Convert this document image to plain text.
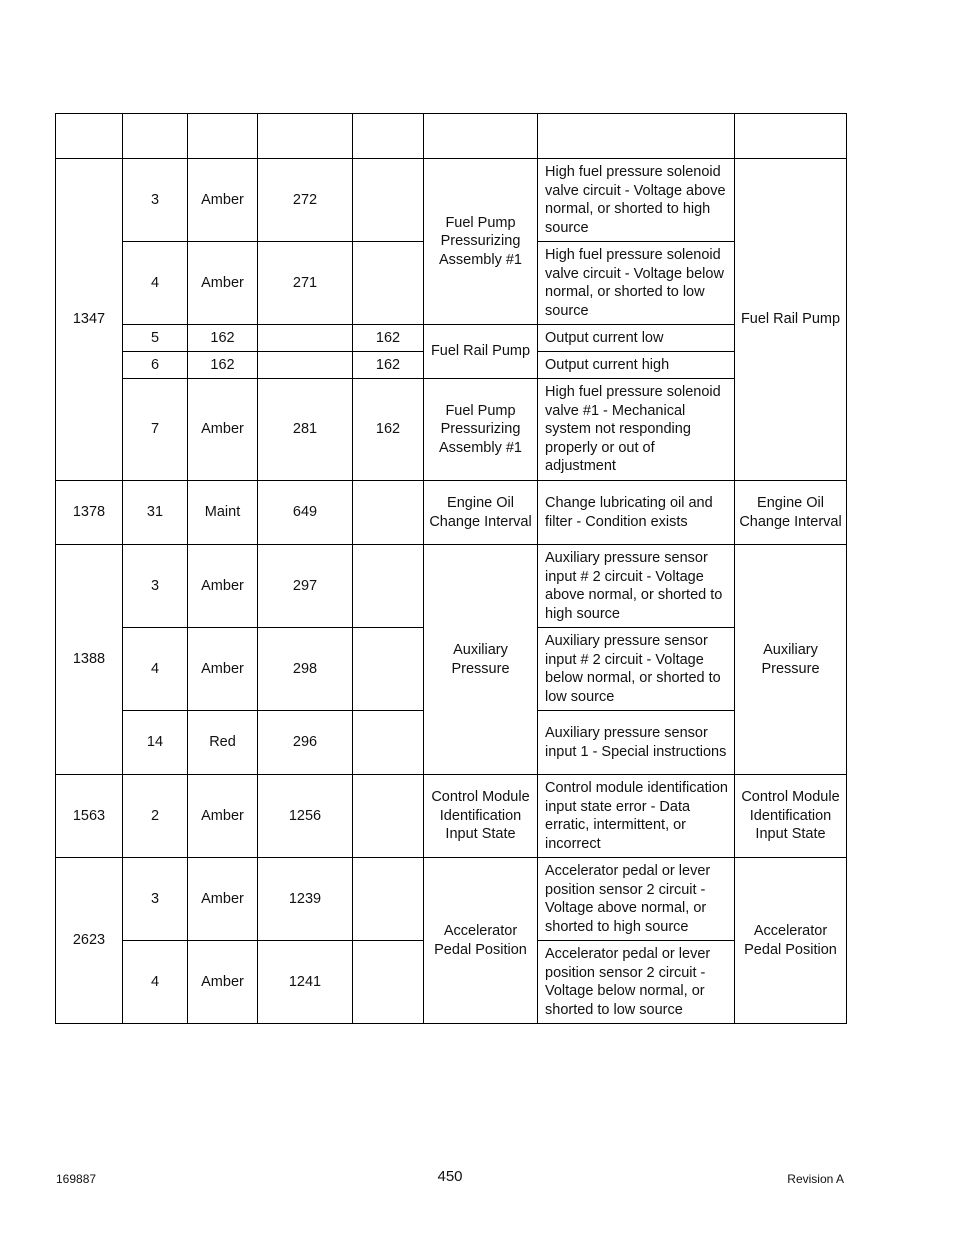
1347	3	Amber	272		Fuel Pump Pressurizing Assembly #1	High fuel pressure solenoid valve circuit - Voltage above normal, or shorted to high source	Fuel Rail Pump
	4	Amber	271			High fuel pressure solenoid valve circuit - Voltage below normal, or shorted to low source	
	5	162		162	Fuel Rail Pump	Output current low	
	6	162		162		Output current high	
	7	Amber	281	162	Fuel Pump Pressurizing Assembly #1	High fuel pressure solenoid valve #1 - Mechanical system not responding properly or out of adjustment	
1378	31	Maint	649		Engine Oil Change Interval	Change lubricating oil and filter - Condition exists	Engine Oil Change Interval
1388	3	Amber	297		Auxiliary Pressure	Auxiliary pressure sensor input # 2 circuit - Voltage above normal, or shorted to high source	Auxiliary Pressure
	4	Amber	298			Auxiliary pressure sensor input # 2 circuit - Voltage below normal, or shorted to low source	
	14	Red	296			Auxiliary pressure sensor input 1 - Special instructions	
1563	2	Amber	1256		Control Module Identification Input State	Control module identification input state error - Data erratic, intermittent, or incorrect	Control Module Identification Input State
2623	3	Amber	1239		Accelerator Pedal Position	Accelerator pedal or lever position sensor 2 circuit - Voltage above normal, or shorted to high source	Accelerator Pedal Position
	4	Amber	1241			Accelerator pedal or lever position sensor 2 circuit - Voltage below normal, or shorted to low source	
169887	450	Revision A
